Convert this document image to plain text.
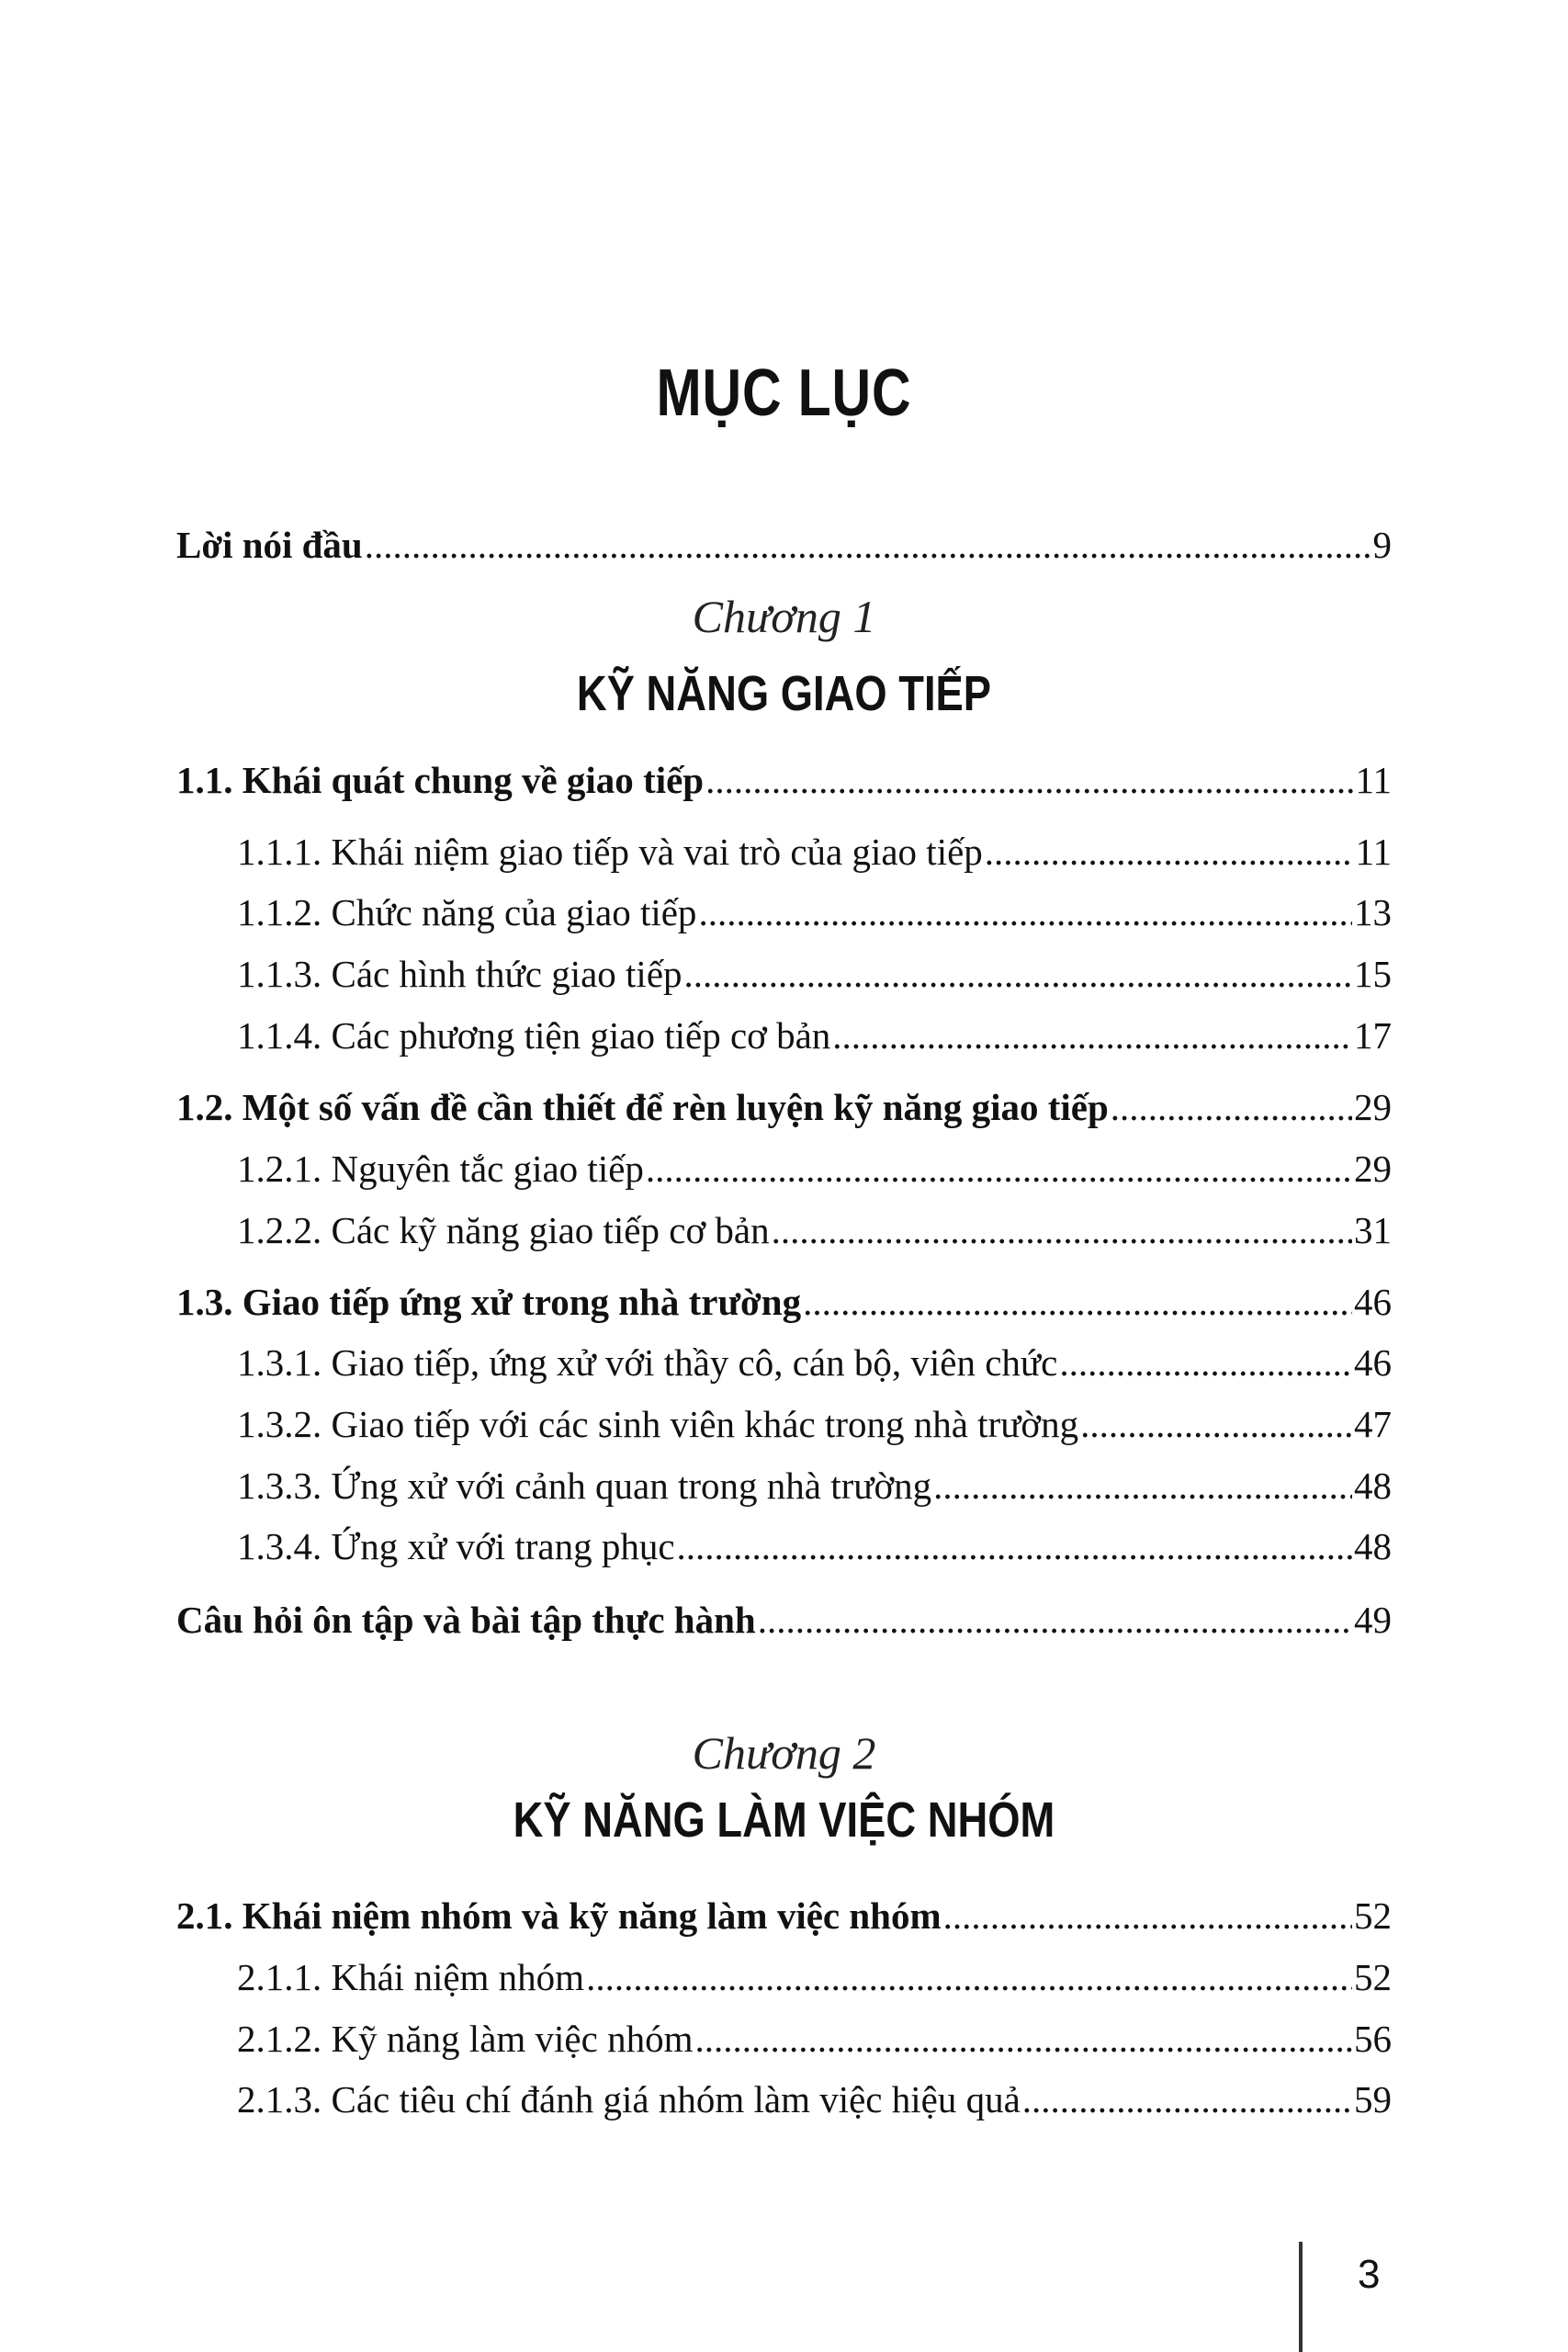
MỤC LỤC
Lời nói đầu .....	9
Chương 1
KỸ NĂNG GIAO TIẾP
1.1. Khái quát chung về giao tiếp .....	11
1.1.1. Khái niệm giao tiếp và vai trò của giao tiếp .....	11
1.1.2. Chức năng của giao tiếp .....	13
1.1.3. Các hình thức giao tiếp .....	15
1.1.4. Các phương tiện giao tiếp cơ bản .....	17
1.2. Một số vấn đề cần thiết để rèn luyện kỹ năng giao tiếp .....	29
1.2.1. Nguyên tắc giao tiếp .....	29
1.2.2. Các kỹ năng giao tiếp cơ bản .....	31
1.3. Giao tiếp ứng xử trong nhà trường .....	46
1.3.1. Giao tiếp, ứng xử với thầy cô, cán bộ, viên chức .....	46
1.3.2. Giao tiếp với các sinh viên khác trong nhà trường .....	47
1.3.3. Ứng xử với cảnh quan trong nhà trường .....	48
1.3.4. Ứng xử với trang phục .....	48
Câu hỏi ôn tập và bài tập thực hành .....	49
Chương 2
KỸ NĂNG LÀM VIỆC NHÓM
2.1. Khái niệm nhóm và kỹ năng làm việc nhóm .....	52
2.1.1. Khái niệm nhóm .....	52
2.1.2. Kỹ năng làm việc nhóm .....	56
2.1.3. Các tiêu chí đánh giá nhóm làm việc hiệu quả .....	59
3
